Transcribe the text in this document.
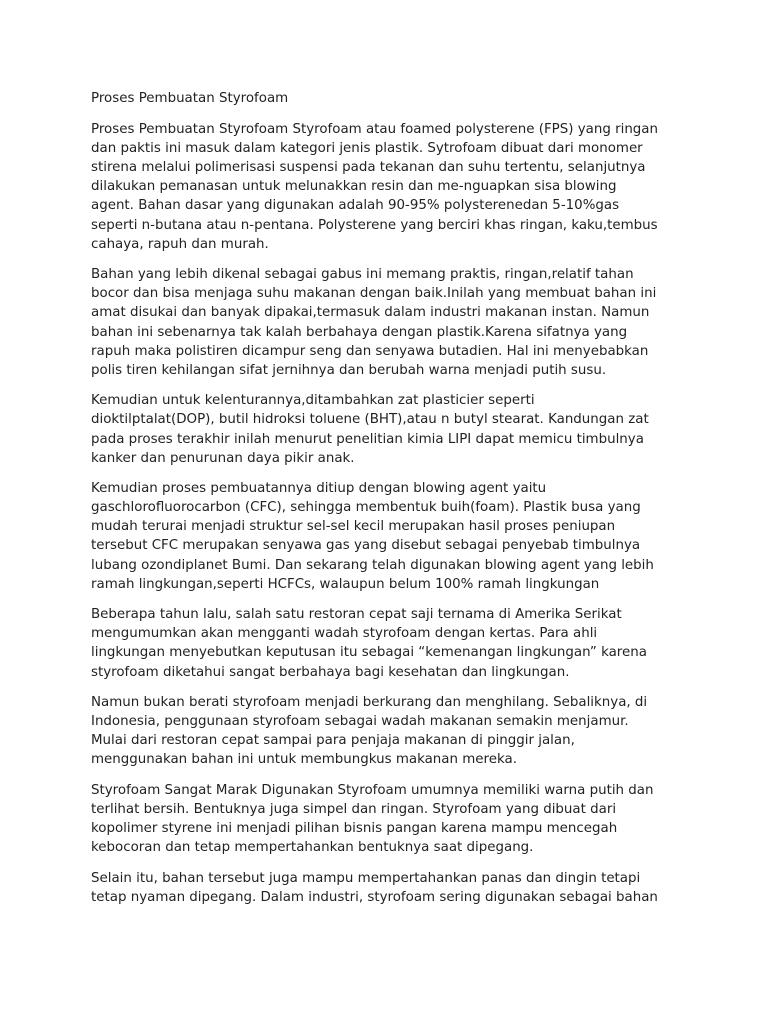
Proses Pembuatan Styrofoam
Proses Pembuatan Styrofoam Styrofoam atau foamed polysterene (FPS) yang ringan
dan paktis ini masuk dalam kategori jenis plastik. Sytrofoam dibuat dari monomer
stirena melalui polimerisasi suspensi pada tekanan dan suhu tertentu, selanjutnya
dilakukan pemanasan untuk melunakkan resin dan me-nguapkan sisa blowing
agent. Bahan dasar yang digunakan adalah 90-95% polysterenedan 5-10%gas
seperti n-butana atau n-pentana. Polysterene yang berciri khas ringan, kaku,tembus
cahaya, rapuh dan murah.
Bahan yang lebih dikenal sebagai gabus ini memang praktis, ringan,relatif tahan
bocor dan bisa menjaga suhu makanan dengan baik.Inilah yang membuat bahan ini
amat disukai dan banyak dipakai,termasuk dalam industri makanan instan. Namun
bahan ini sebenarnya tak kalah berbahaya dengan plastik.Karena sifatnya yang
rapuh maka polistiren dicampur seng dan senyawa butadien. Hal ini menyebabkan
polis tiren kehilangan sifat jernihnya dan berubah warna menjadi putih susu.
Kemudian untuk kelenturannya,ditambahkan zat plasticier seperti
dioktilptalat(DOP), butil hidroksi toluene (BHT),atau n butyl stearat. Kandungan zat
pada proses terakhir inilah menurut penelitian kimia LIPI dapat memicu timbulnya
kanker dan penurunan daya pikir anak.
Kemudian proses pembuatannya ditiup dengan blowing agent yaitu
gaschlorofluorocarbon (CFC), sehingga membentuk buih(foam). Plastik busa yang
mudah terurai menjadi struktur sel-sel kecil merupakan hasil proses peniupan
tersebut CFC merupakan senyawa gas yang disebut sebagai penyebab timbulnya
lubang ozondiplanet Bumi. Dan sekarang telah digunakan blowing agent yang lebih
ramah lingkungan,seperti HCFCs, walaupun belum 100% ramah lingkungan
Beberapa tahun lalu, salah satu restoran cepat saji ternama di Amerika Serikat
mengumumkan akan mengganti wadah styrofoam dengan kertas. Para ahli
lingkungan menyebutkan keputusan itu sebagai “kemenangan lingkungan” karena
styrofoam diketahui sangat berbahaya bagi kesehatan dan lingkungan.
Namun bukan berati styrofoam menjadi berkurang dan menghilang. Sebaliknya, di
Indonesia, penggunaan styrofoam sebagai wadah makanan semakin menjamur.
Mulai dari restoran cepat sampai para penjaja makanan di pinggir jalan,
menggunakan bahan ini untuk membungkus makanan mereka.
Styrofoam Sangat Marak Digunakan Styrofoam umumnya memiliki warna putih dan
terlihat bersih. Bentuknya juga simpel dan ringan. Styrofoam yang dibuat dari
kopolimer styrene ini menjadi pilihan bisnis pangan karena mampu mencegah
kebocoran dan tetap mempertahankan bentuknya saat dipegang.
Selain itu, bahan tersebut juga mampu mempertahankan panas dan dingin tetapi
tetap nyaman dipegang. Dalam industri, styrofoam sering digunakan sebagai bahan
